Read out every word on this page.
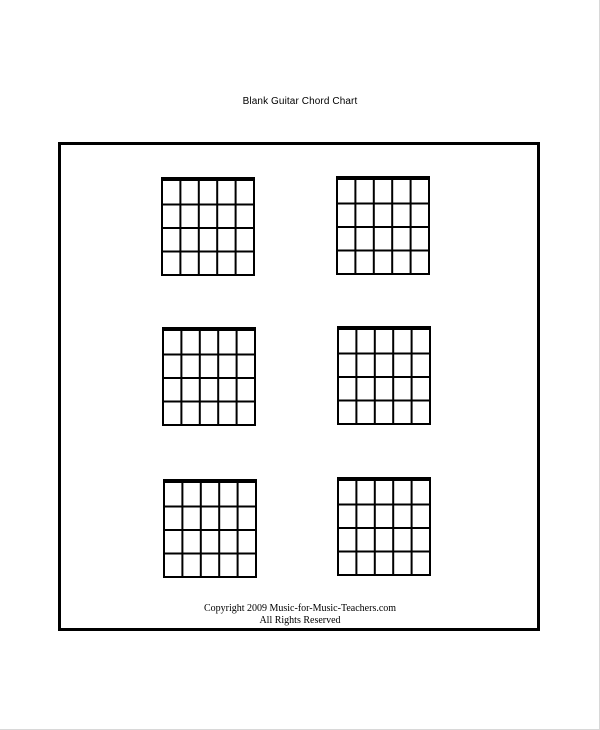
Blank Guitar Chord Chart
Copyright 2009 Music-for-Music-Teachers.com
All Rights Reserved
